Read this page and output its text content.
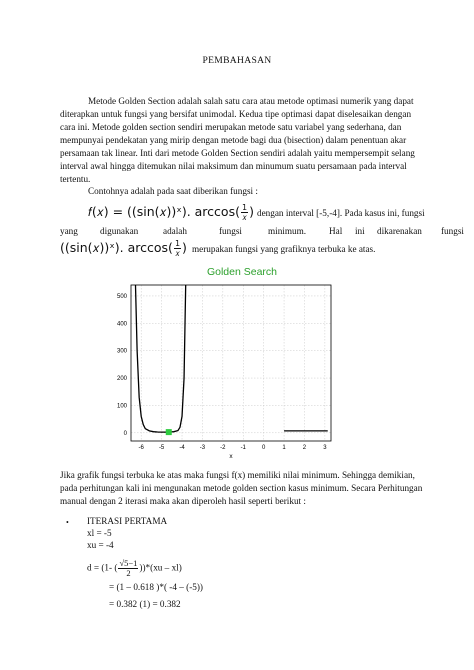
PEMBAHASAN
Metode Golden Section adalah salah satu cara atau metode optimasi numerik yang dapat
diterapkan untuk fungsi yang bersifat unimodal. Kedua tipe optimasi dapat diselesaikan dengan
cara ini. Metode golden section sendiri merupakan metode satu variabel yang sederhana, dan
mempunyai pendekatan yang mirip dengan metode bagi dua (bisection) dalam penentuan akar
persamaan tak linear. Inti dari metode Golden Section sendiri adalah yaitu mempersempit selang
interval awal hingga ditemukan nilai maksimum dan minumum suatu persamaan pada interval
tertentu.
Contohnya adalah pada saat diberikan fungsi :
𝑓(𝑥) = ((sin(𝑥))ˣ). $\arccos( \frac{1}{\text{𝑥}}$ ) dengan interval [-5,-4]. Pada kasus ini, fungsi
yang digunakan	adalah	fungsi	minimum. Hal ini dikarenakan fungsi
((sin(𝑥))ˣ). $\arccos( \frac{1}{\text{𝑥}}$ ) merupakan fungsi yang grafiknya terbuka ke atas.
Golden Search
-6	-5	-4	-3	-2	-1	0	1	2	3
0
100
200
300
400
500
x
Jika grafik fungsi terbuka ke atas maka fungsi f(x) memiliki nilai minimum. Sehingga demikian,
pada perhitungan kali ini mengunakan metode golden section kasus minimum. Secara Perhitungan
manual dengan 2 iterasi maka akan diperoleh hasil seperti berikut :
• ITERASI PERTAMA
xl = -5
xu = -4
d = (1- ( $\frac{√5-1}{2} ))*(xu - xl)$
= (1 – 0.618 )*( -4 – (-5))
= 0.382 (1) = 0.382
